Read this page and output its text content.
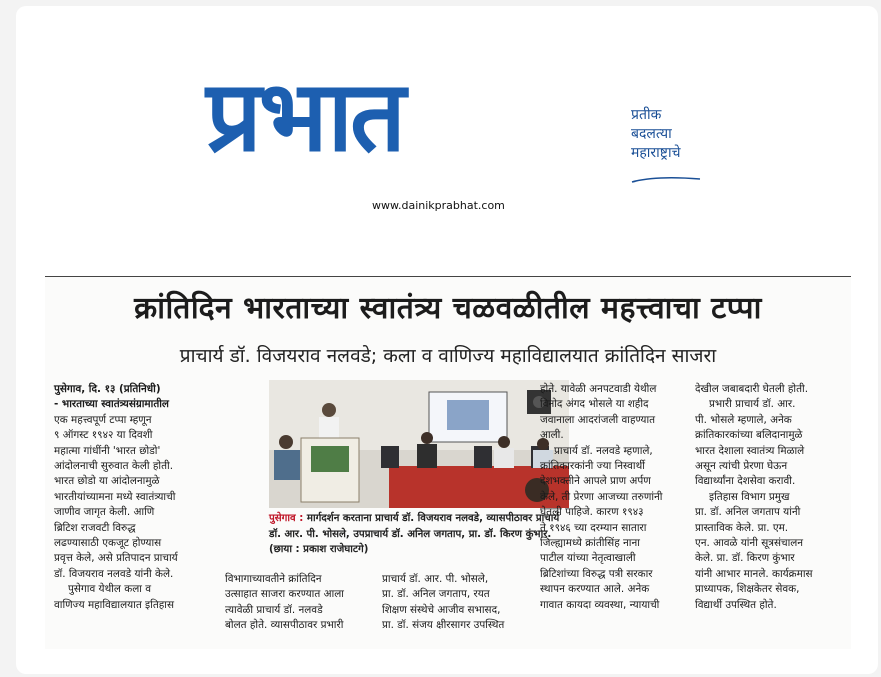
प्रभात	प्रतीक
बदलत्या
महाराष्ट्राचे
www.dainikprabhat.com
क्रांतिदिन भारताच्या स्वातंत्र्य चळवळीतील महत्त्वाचा टप्पा
प्राचार्य डॉ. विजयराव नलवडे; कला व वाणिज्य महाविद्यालयात क्रांतिदिन साजरा

पुसेगाव, दि. १३ (प्रतिनिधी)

- भारताच्या स्वातंत्र्यसंग्रामातील

एक महत्त्वपूर्ण टप्पा म्हणून

९ ऑगस्ट १९४२ या दिवशी

महात्मा गांधींनी 'भारत छोडो'

आंदोलनाची सुरुवात केली होती.

भारत छोडो या आंदोलनामुळे

भारतीयांच्यामना मध्ये स्वातंत्र्याची

जाणीव जागृत केली. आणि

ब्रिटिश राजवटी विरुद्ध

लढण्यासाठी एकजूट होण्यास

प्रवृत्त केले, असे प्रतिपादन प्राचार्य

डॉ. विजयराव नलवडे यांनी केले.

पुसेगाव येथील कला व

वाणिज्य महाविद्यालयात इतिहास

पुसेगाव : मार्गदर्शन करताना प्राचार्य डॉ. विजयराव नलवडे, व्यासपीठावर प्राचार्य डॉ. आर. पी. भोसले, उपप्राचार्य डॉ. अनिल जगताप, प्रा. डॉ. किरण कुंभार. (छाया : प्रकाश राजेघाटगे)

विभागाच्यावतीने क्रांतिदिन

उत्साहात साजरा करण्यात आला

त्यावेळी प्राचार्य डॉ. नलवडे

बोलत होते. व्यासपीठावर प्रभारी

प्राचार्य डॉ. आर. पी. भोसले,

प्रा. डॉ. अनिल जगताप, रयत

शिक्षण संस्थेचे आजीव सभासद,

प्रा. डॉ. संजय क्षीरसागर उपस्थित

होते. यावेळी अनपटवाडी येथील

विनोद अंगद भोसले या शहीद

जवानाला आदरांजली वाहण्यात

आली.

प्राचार्य डॉ. नलवडे म्हणाले,

क्रांतिकारकांनी ज्या निस्वार्थी

देशभक्तीने आपले प्राण अर्पण

केले, ती प्रेरणा आजच्या तरुणांनी

घेतली पाहिजे. कारण १९४३

ते १९४६ च्या दरम्यान सातारा

जिल्ह्यामध्ये क्रांतीसिंह नाना

पाटील यांच्या नेतृत्वाखाली

ब्रिटिशांच्या विरुद्ध पत्री सरकार

स्थापन करण्यात आले. अनेक

गावात कायदा व्यवस्था, न्यायाची

देखील जबाबदारी घेतली होती.

प्रभारी प्राचार्य डॉ. आर.

पी. भोसले म्हणाले, अनेक

क्रांतिकारकांच्या बलिदानामुळे

भारत देशाला स्वातंत्र्य मिळाले

असून त्यांची प्रेरणा घेऊन

विद्यार्थ्यांना देशसेवा करावी.

इतिहास विभाग प्रमुख

प्रा. डॉ. अनिल जगताप यांनी

प्रास्ताविक केले. प्रा. एम.

एन. आवळे यांनी सूत्रसंचालन

केले. प्रा. डॉ. किरण कुंभार

यांनी आभार मानले. कार्यक्रमास

प्राध्यापक, शिक्षकेतर सेवक,

विद्यार्थी उपस्थित होते.
